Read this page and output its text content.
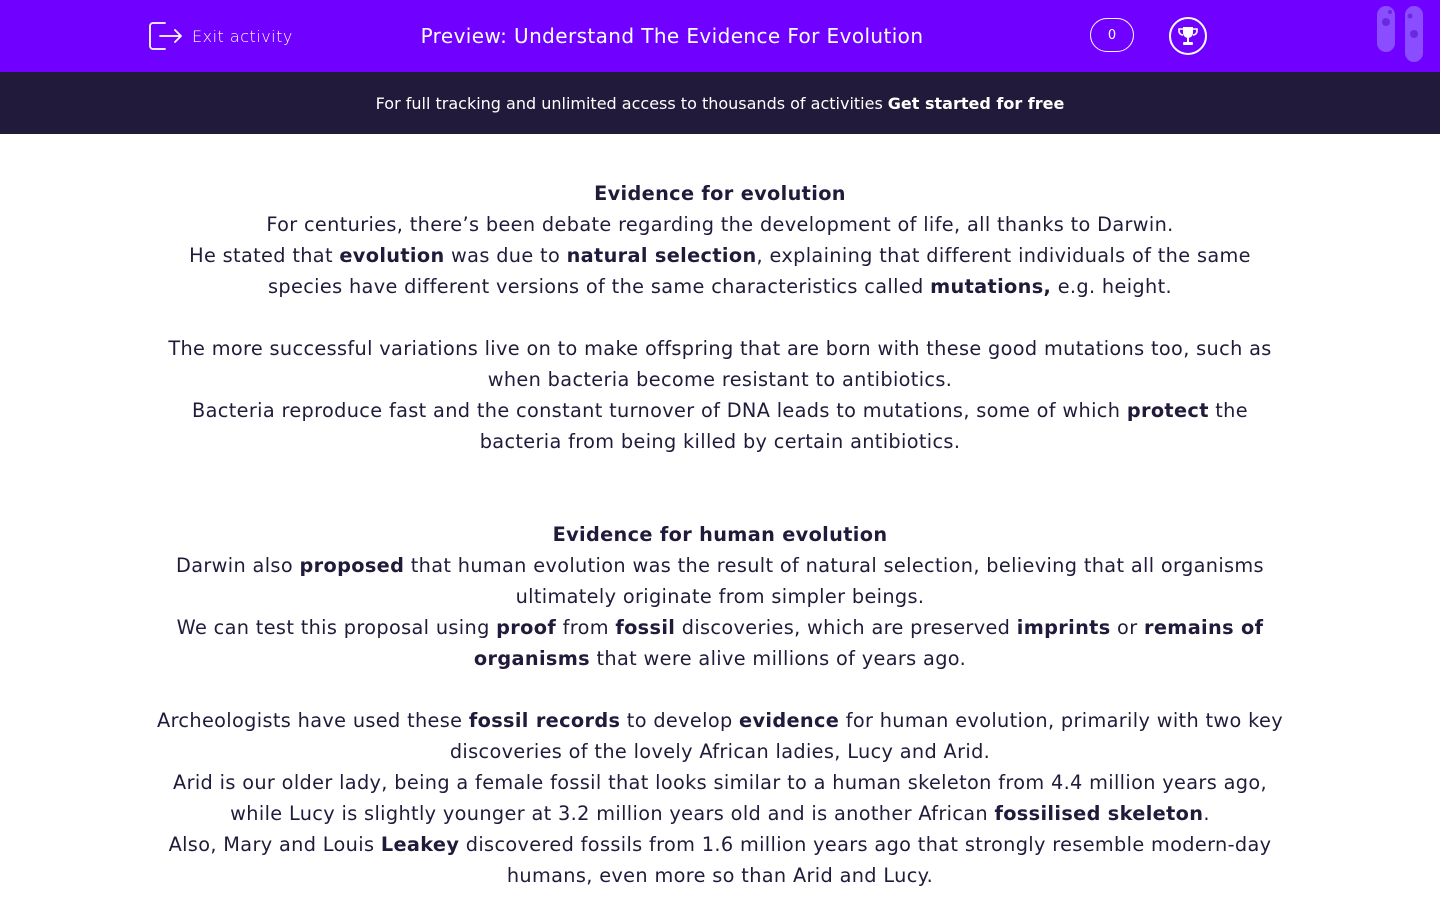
Exit activity	Preview: Understand The Evidence For Evolution	0
For full tracking and unlimited access to thousands of activities Get started for free

Evidence for evolution

For centuries, there’s been debate regarding the development of life, all thanks to Darwin.

He stated that evolution was due to natural selection, explaining that different individuals of the same species have different versions of the same characteristics called mutations, e.g. height.

The more successful variations live on to make offspring that are born with these good mutations too, such as when bacteria become resistant to antibiotics.

Bacteria reproduce fast and the constant turnover of DNA leads to mutations, some of which protect the bacteria from being killed by certain antibiotics.

Evidence for human evolution

Darwin also proposed that human evolution was the result of natural selection, believing that all organisms ultimately originate from simpler beings.

We can test this proposal using proof from fossil discoveries, which are preserved imprints or remains of organisms that were alive millions of years ago.

Archeologists have used these fossil records to develop evidence for human evolution, primarily with two key discoveries of the lovely African ladies, Lucy and Arid.

Arid is our older lady, being a female fossil that looks similar to a human skeleton from 4.4 million years ago, while Lucy is slightly younger at 3.2 million years old and is another African fossilised skeleton.

Also, Mary and Louis Leakey discovered fossils from 1.6 million years ago that strongly resemble modern-day humans, even more so than Arid and Lucy.
